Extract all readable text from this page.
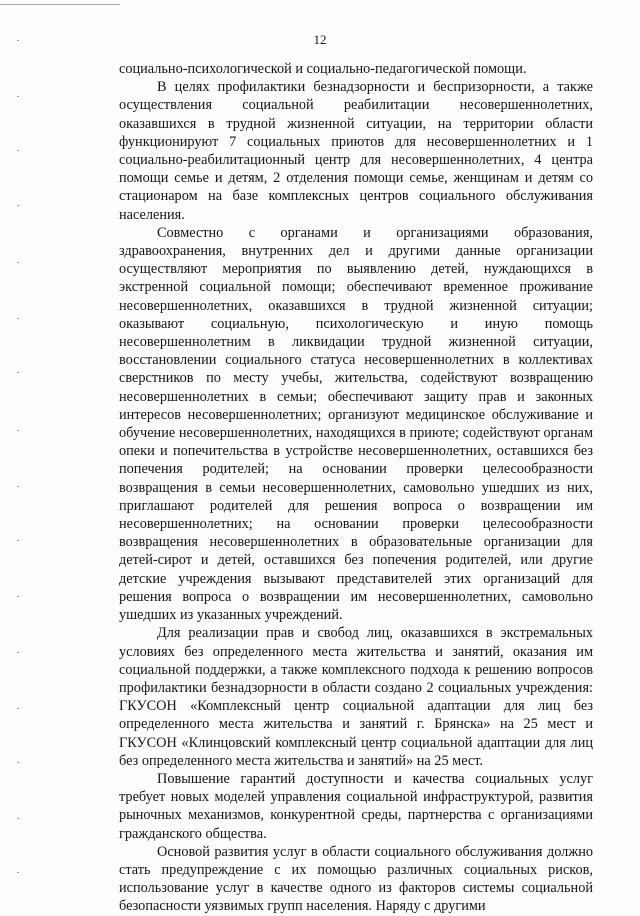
12

социально-психологической и социально-педагогической помощи.

В целях профилактики безнадзорности и беспризорности, а также осуществления социальной реабилитации несовершеннолетних, оказавшихся в трудной жизненной ситуации, на территории области функционируют 7 социальных приютов для несовершеннолетних и 1 социально-реабилитационный центр для несовершеннолетних, 4 центра помощи семье и детям, 2 отделения помощи семье, женщинам и детям со стационаром на базе комплексных центров социального обслуживания населения.

Совместно с органами и организациями образования, здравоохранения, внутренних дел и другими данные организации осуществляют мероприятия по выявлению детей, нуждающихся в экстренной социальной помощи; обеспечивают временное проживание несовершеннолетних, оказавшихся в трудной жизненной ситуации; оказывают социальную, психологическую и иную помощь несовершеннолетним в ликвидации трудной жизненной ситуации, восстановлении социального статуса несовершеннолетних в коллективах сверстников по месту учебы, жительства, содействуют возвращению несовершеннолетних в семьи; обеспечивают защиту прав и законных интересов несовершеннолетних; организуют медицинское обслуживание и обучение несовершеннолетних, находящихся в приюте; содействуют органам опеки и попечительства в устройстве несовершеннолетних, оставшихся без попечения родителей; на основании проверки целесообразности возвращения в семьи несовершеннолетних, самовольно ушедших из них, приглашают родителей для решения вопроса о возвращении им несовершеннолетних; на основании проверки целесообразности возвращения несовершеннолетних в образовательные организации для детей-сирот и детей, оставшихся без попечения родителей, или другие детские учреждения вызывают представителей этих организаций для решения вопроса о возвращении им несовершеннолетних, самовольно ушедших из указанных учреждений.

Для реализации прав и свобод лиц, оказавшихся в экстремальных условиях без определенного места жительства и занятий, оказания им социальной поддержки, а также комплексного подхода к решению вопросов профилактики безнадзорности в области создано 2 социальных учреждения: ГКУСОН «Комплексный центр социальной адаптации для лиц без определенного места жительства и занятий г. Брянска» на 25 мест и ГКУСОН «Клинцовский комплексный центр социальной адаптации для лиц без определенного места жительства и занятий» на 25 мест.

Повышение гарантий доступности и качества социальных услуг требует новых моделей управления социальной инфраструктурой, развития рыночных механизмов, конкурентной среды, партнерства с организациями гражданского общества.

Основой развития услуг в области социального обслуживания должно стать предупреждение с их помощью различных социальных рисков, использование услуг в качестве одного из факторов системы социальной безопасности уязвимых групп населения. Наряду с другими
